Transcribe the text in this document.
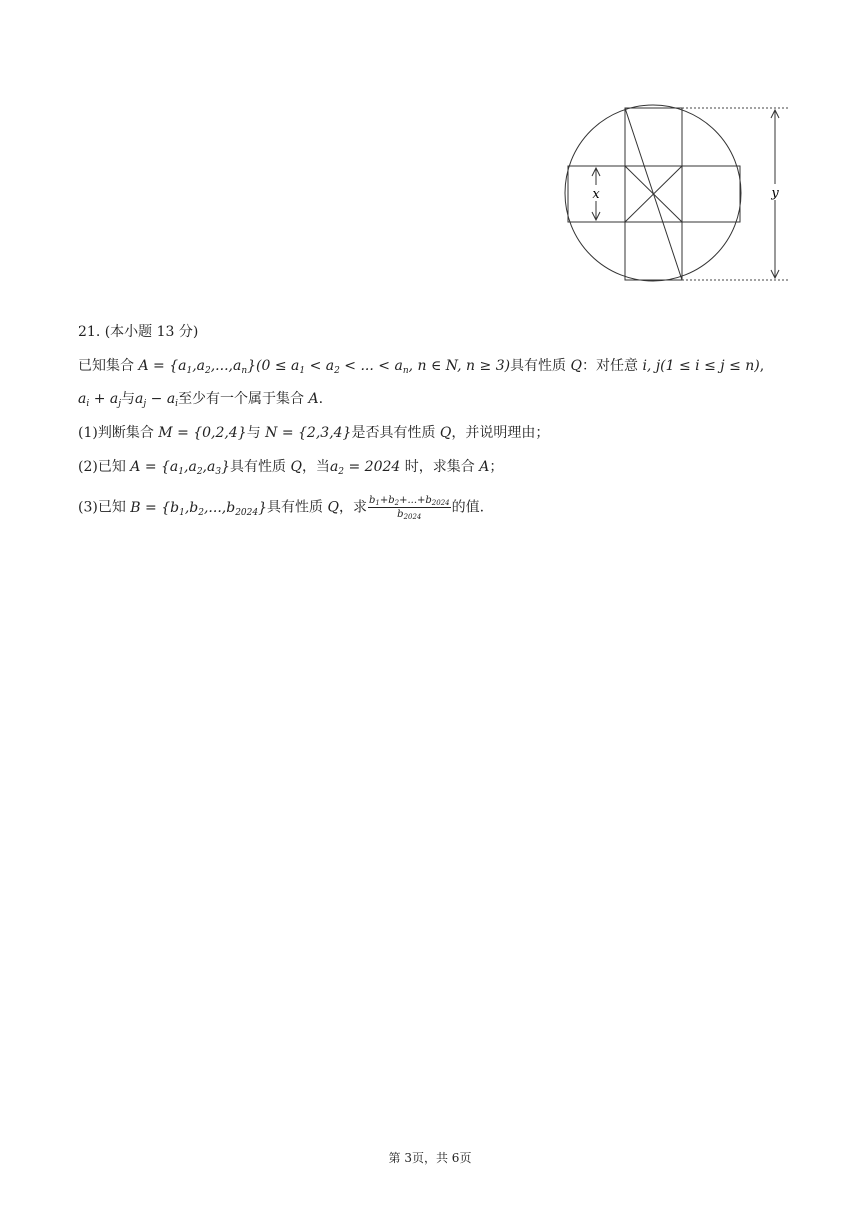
x	y
21. (本小题 13 分)
已知集合 $A = \{a_1,a_2,...,a_n\}(0 \le a_1 < a_2$ < ... < $a_n$, n ∈ N, n ≥ 3)具有性质 Q：对任意 i, j(1 ≤ i ≤ j ≤ n),
$a_i + a_j$与$a_j - a_i$至少有一个属于集合 A.
(1)判断集合 M = {0,2,4}与 N = {2,3,4}是否具有性质 Q，并说明理由；
(2)已知 $A = \{a_1,a_2,a_3\}$具有性质 Q，当$a_2 = 2024$ 时，求集合 A；
(3)已知 $B = \{b_1,b_2,...,b_{2024}\}$具有性质 Q，求 $\frac{b_1+b_2+...+b_{2024}}{b_{2024}}$ 的值.
第 3页，共 6页
